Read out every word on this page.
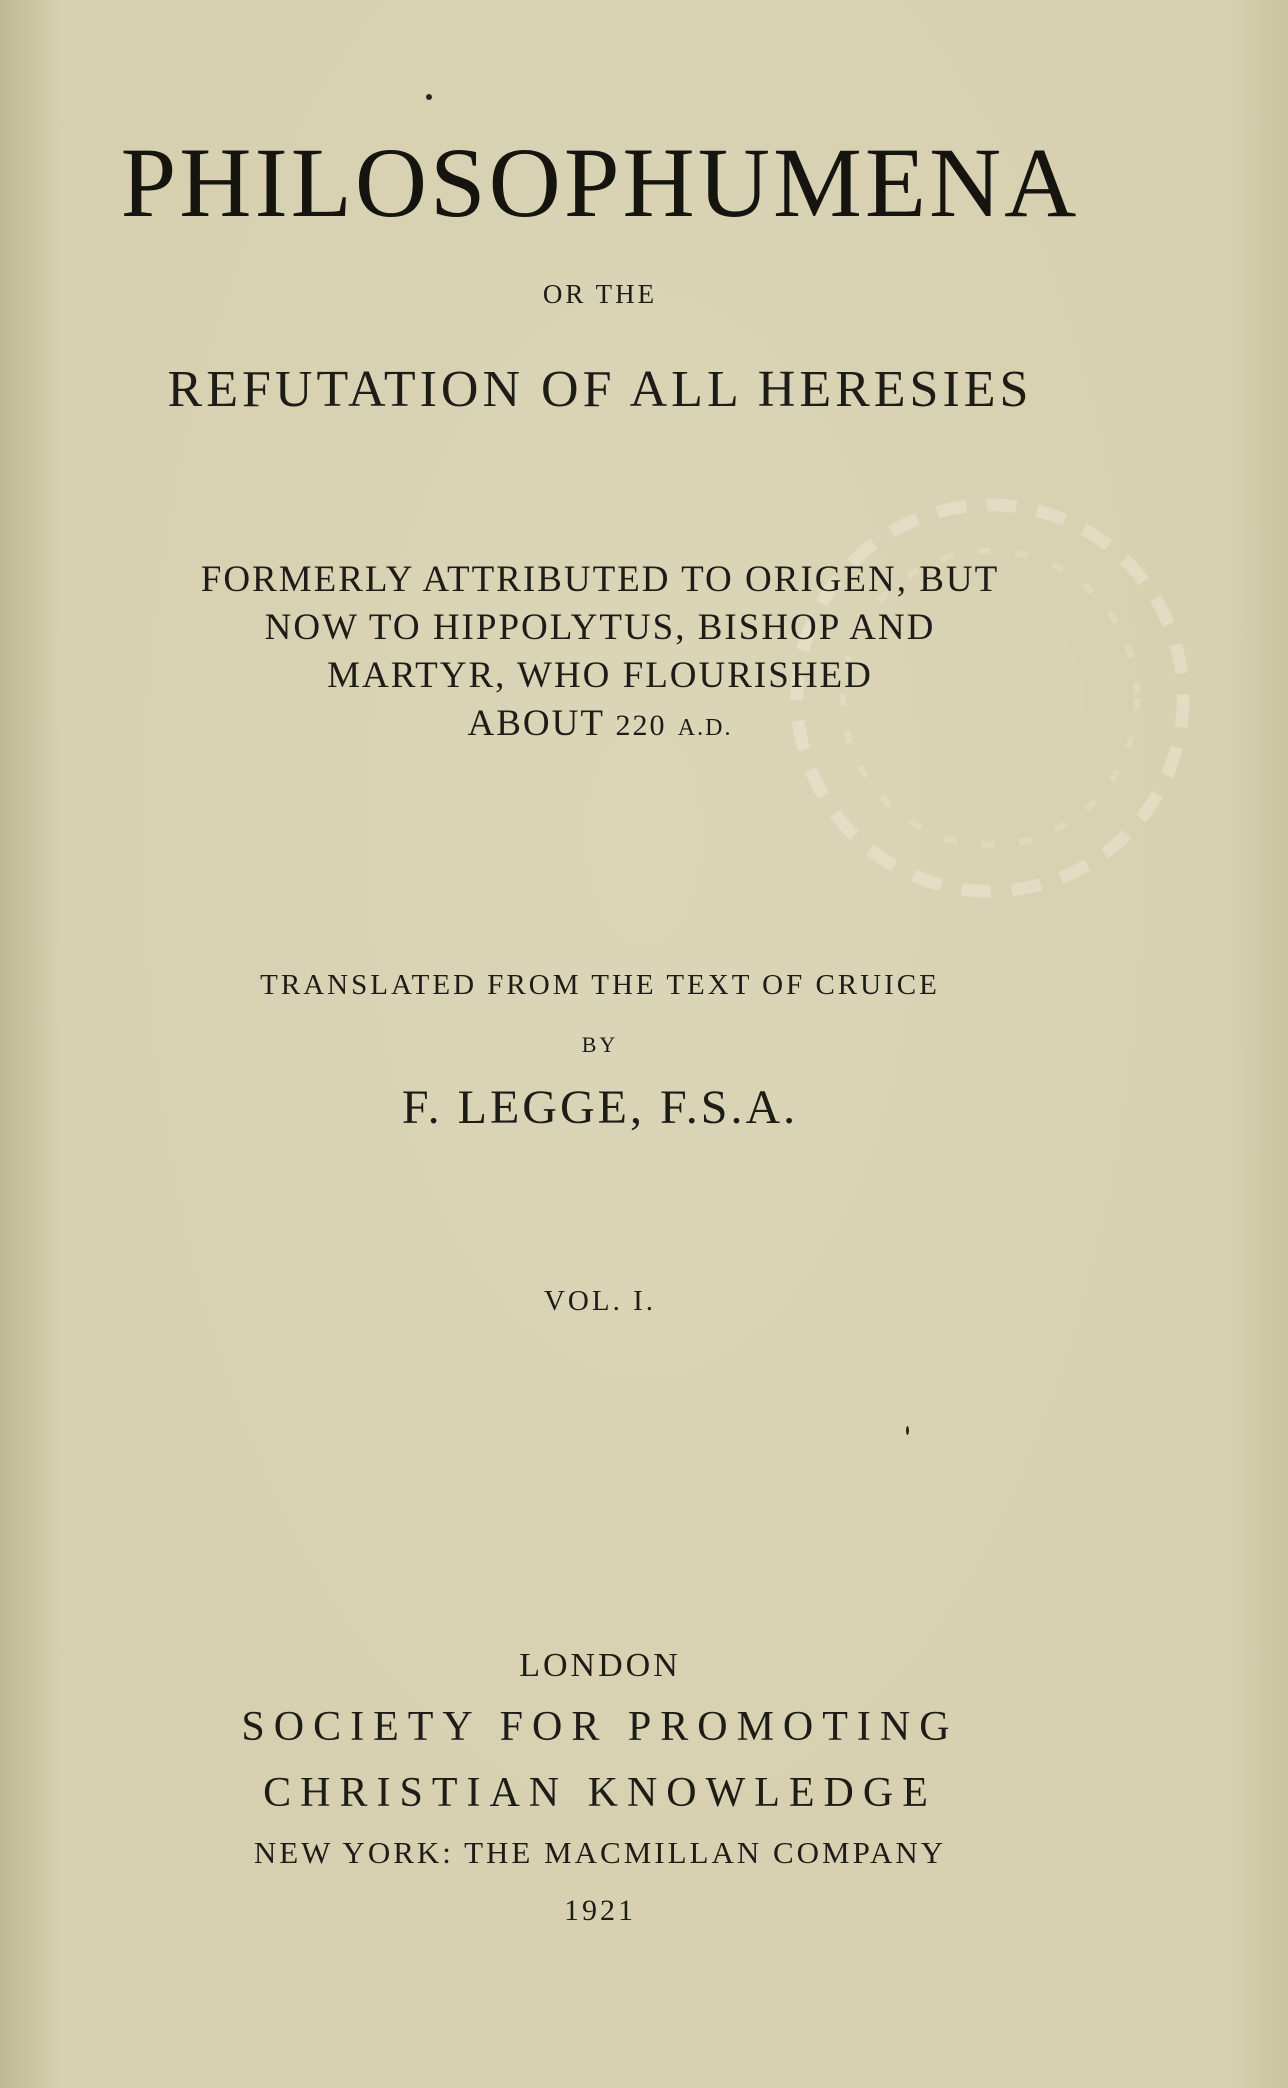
PHILOSOPHUMENA
OR THE
REFUTATION OF ALL HERESIES
FORMERLY ATTRIBUTED TO ORIGEN, BUT
NOW TO HIPPOLYTUS, BISHOP AND
MARTYR, WHO FLOURISHED
ABOUT 220 A.D.
TRANSLATED FROM THE TEXT OF CRUICE
BY
F. LEGGE, F.S.A.
VOL. I.
LONDON
SOCIETY FOR PROMOTING
CHRISTIAN KNOWLEDGE
NEW YORK: THE MACMILLAN COMPANY
1921
